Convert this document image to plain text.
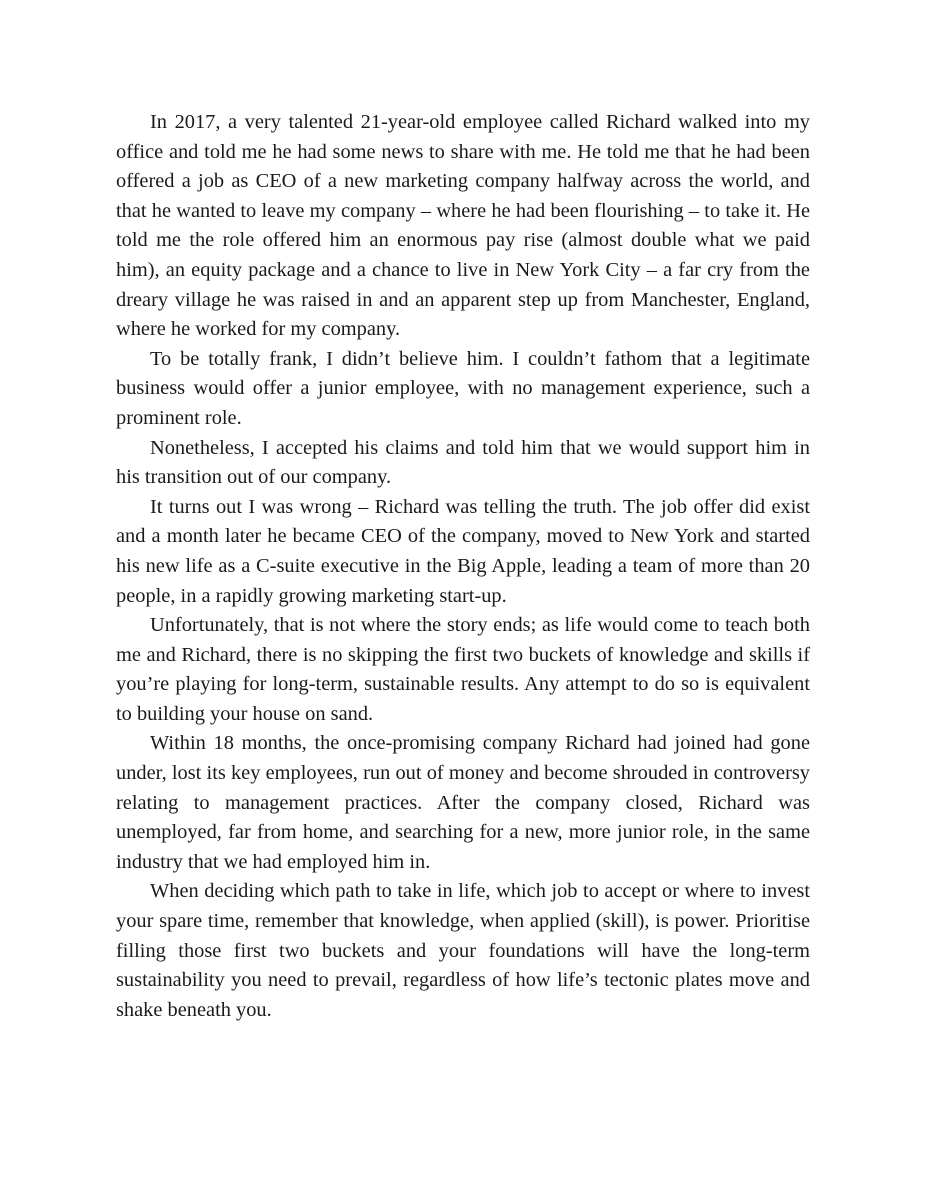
In 2017, a very talented 21-year-old employee called Richard walked into my office and told me he had some news to share with me. He told me that he had been offered a job as CEO of a new marketing company halfway across the world, and that he wanted to leave my company – where he had been flourishing – to take it. He told me the role offered him an enormous pay rise (almost double what we paid him), an equity package and a chance to live in New York City – a far cry from the dreary village he was raised in and an apparent step up from Manchester, England, where he worked for my company.

To be totally frank, I didn’t believe him. I couldn’t fathom that a legitimate business would offer a junior employee, with no management experience, such a prominent role.

Nonetheless, I accepted his claims and told him that we would support him in his transition out of our company.

It turns out I was wrong – Richard was telling the truth. The job offer did exist and a month later he became CEO of the company, moved to New York and started his new life as a C-suite executive in the Big Apple, leading a team of more than 20 people, in a rapidly growing marketing start-up.

Unfortunately, that is not where the story ends; as life would come to teach both me and Richard, there is no skipping the first two buckets of knowledge and skills if you’re playing for long-term, sustainable results. Any attempt to do so is equivalent to building your house on sand.

Within 18 months, the once-promising company Richard had joined had gone under, lost its key employees, run out of money and become shrouded in controversy relating to management practices. After the company closed, Richard was unemployed, far from home, and searching for a new, more junior role, in the same industry that we had employed him in.

When deciding which path to take in life, which job to accept or where to invest your spare time, remember that knowledge, when applied (skill), is power. Prioritise filling those first two buckets and your foundations will have the long-term sustainability you need to prevail, regardless of how life’s tectonic plates move and shake beneath you.
